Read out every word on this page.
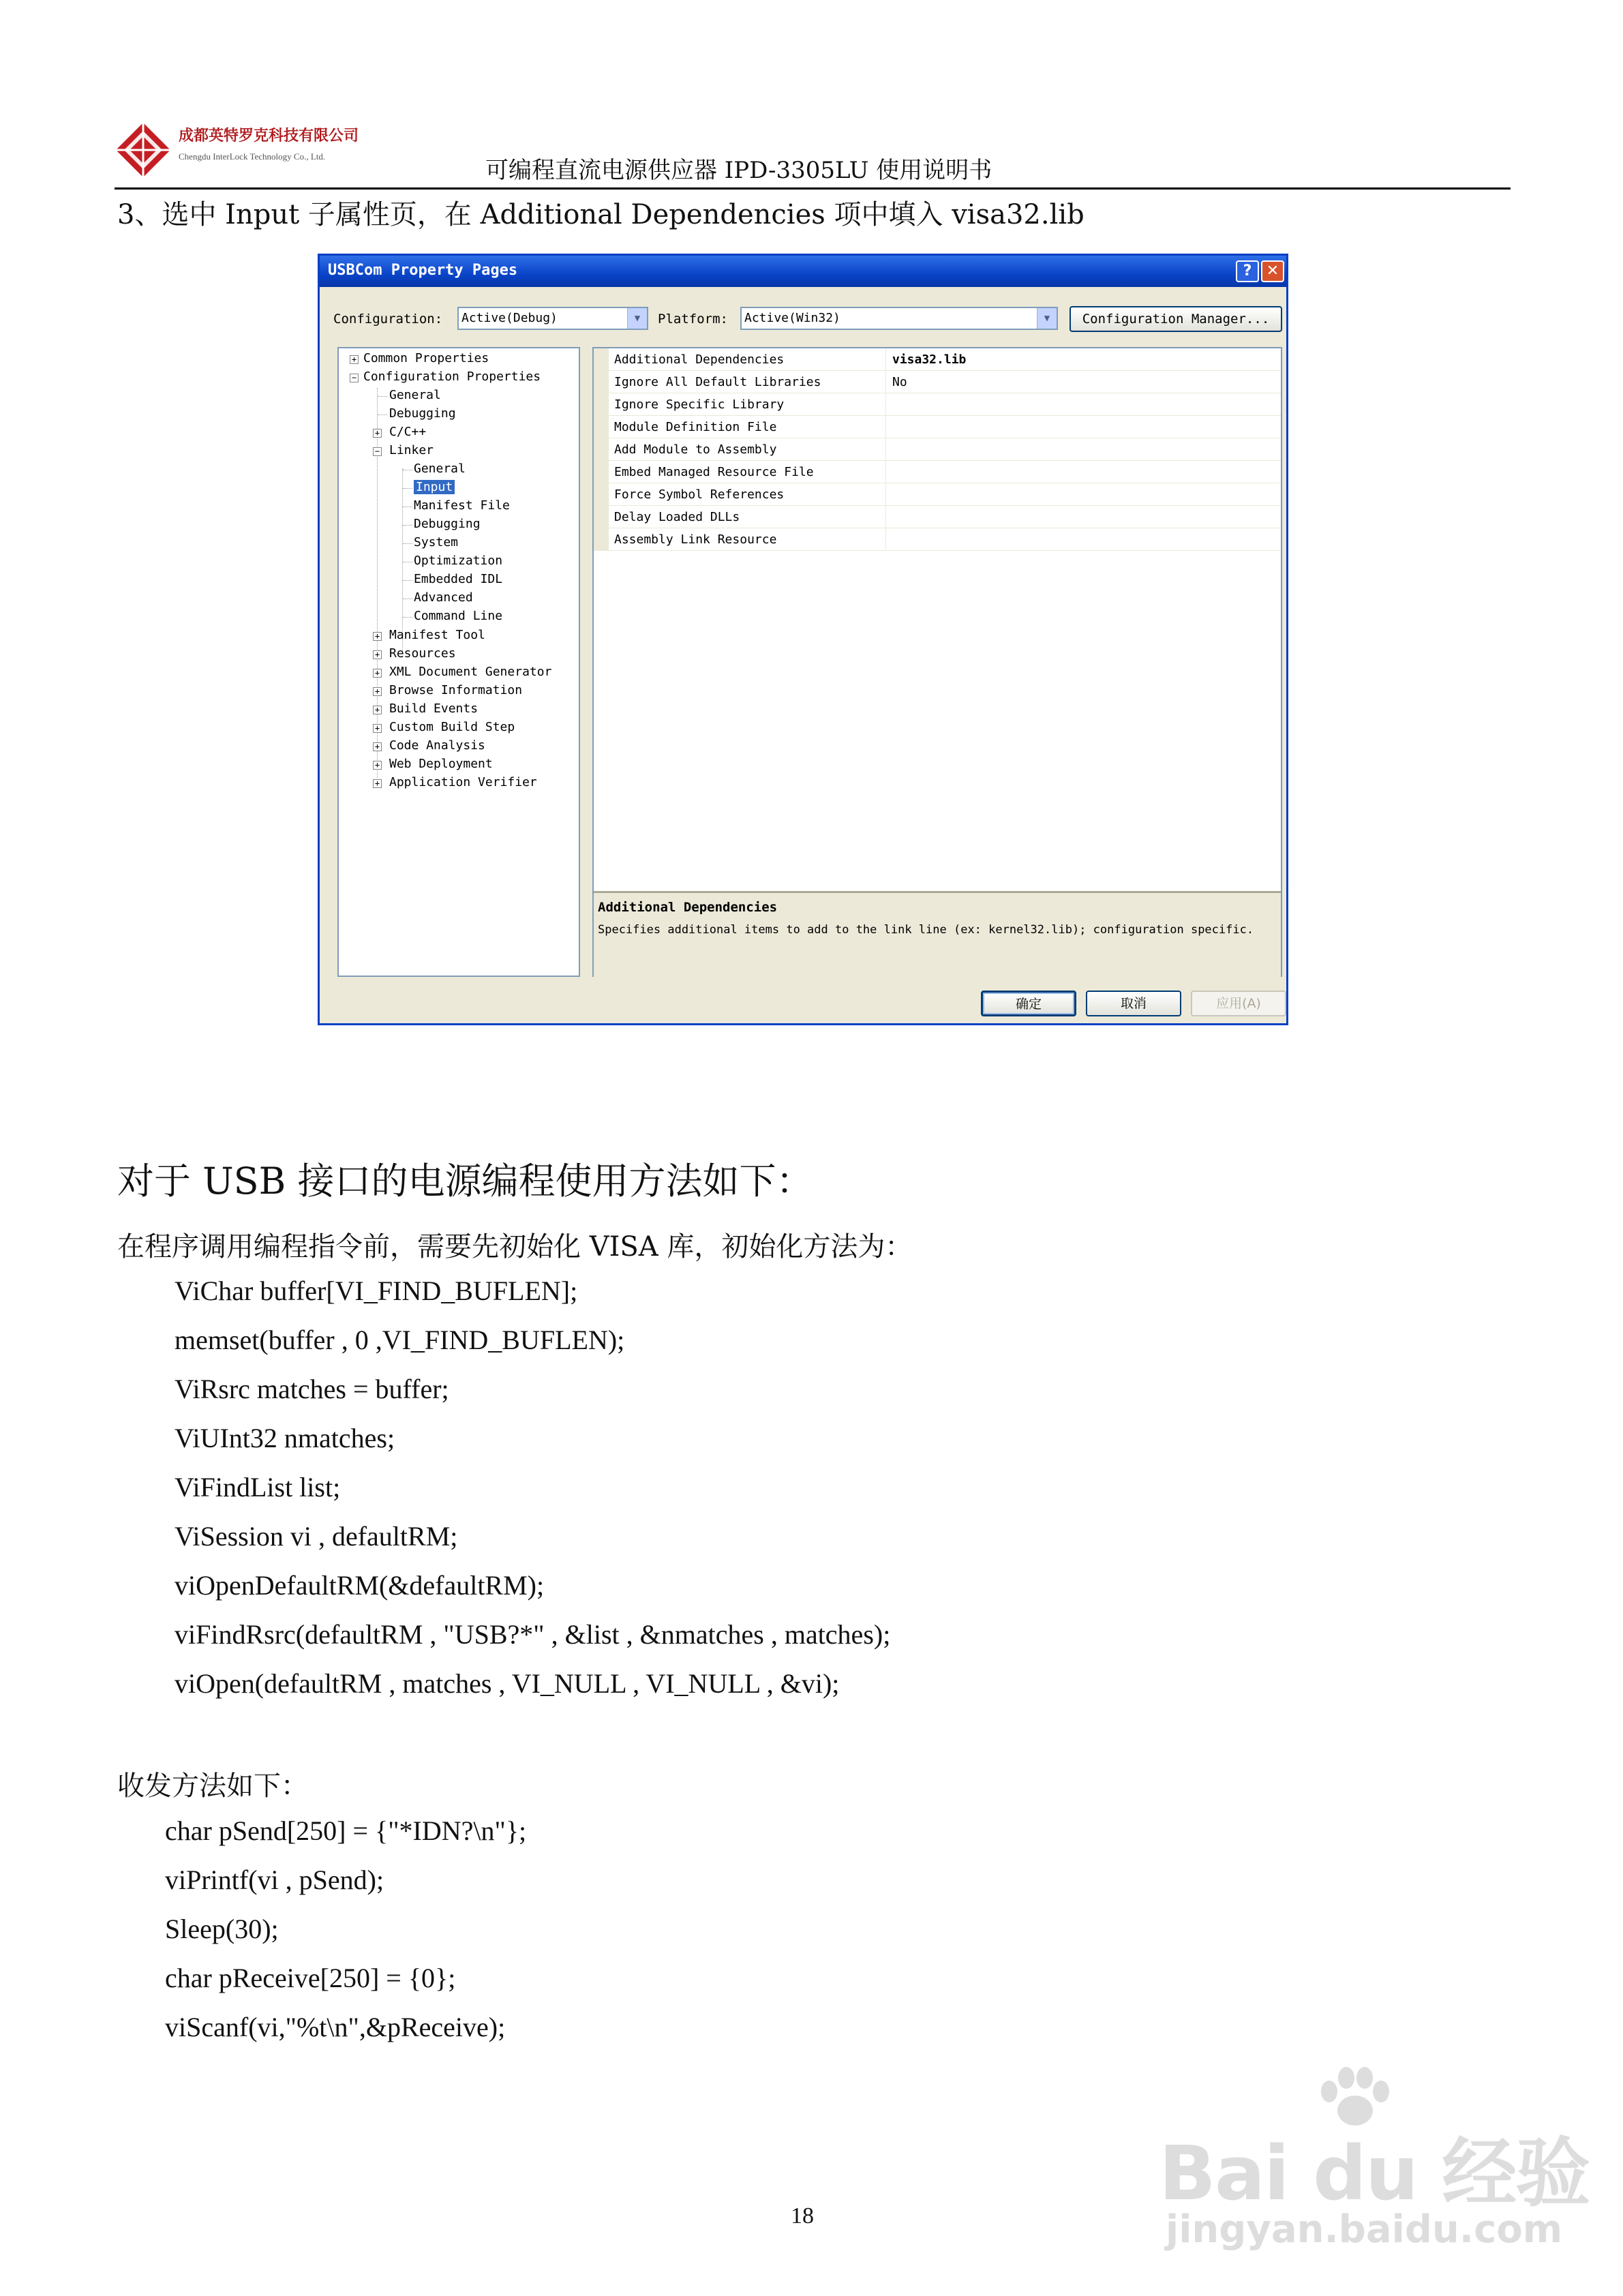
成都英特罗克科技有限公司
Chengdu InterLock Technology Co., Ltd.
可编程直流电源供应器 IPD-3305LU 使用说明书
3、选中 Input 子属性页，在 Additional Dependencies 项中填入 visa32.lib
USBCom Property Pages	? ✕
Configuration:	Active(Debug)	▼	Platform:	Active(Win32)	▼	Configuration Manager...
+ Common Properties
− Configuration Properties
General
Debugging
+ C/C++
− Linker
General
Input
Manifest File
Debugging
System
Optimization
Embedded IDL
Advanced
Command Line
+ Manifest Tool
+ Resources
+ XML Document Generator
+ Browse Information
+ Build Events
+ Custom Build Step
+ Code Analysis
+ Web Deployment
+ Application Verifier
Additional Dependencies	visa32.lib
Ignore All Default Libraries	No
Ignore Specific Library
Module Definition File
Add Module to Assembly
Embed Managed Resource File
Force Symbol References
Delay Loaded DLLs
Assembly Link Resource
Additional Dependencies
Specifies additional items to add to the link line (ex: kernel32.lib); configuration specific.
确定	取消	应用(A)
对于 USB 接口的电源编程使用方法如下：
在程序调用编程指令前，需要先初始化 VISA 库，初始化方法为：
ViChar buffer[VI_FIND_BUFLEN];
memset(buffer , 0 ,VI_FIND_BUFLEN);
ViRsrc matches = buffer;
ViUInt32 nmatches;
ViFindList list;
ViSession vi , defaultRM;
viOpenDefaultRM(&defaultRM);
viFindRsrc(defaultRM , "USB?*" , &list , &nmatches , matches);
viOpen(defaultRM , matches , VI_NULL , VI_NULL , &vi);
收发方法如下：
char pSend[250] = {"*IDN?\n"};
viPrintf(vi , pSend);
Sleep(30);
char pReceive[250] = {0};
viScanf(vi,"%t\n",&pReceive);
Bai du 经验
jingyan.baidu.com
18
